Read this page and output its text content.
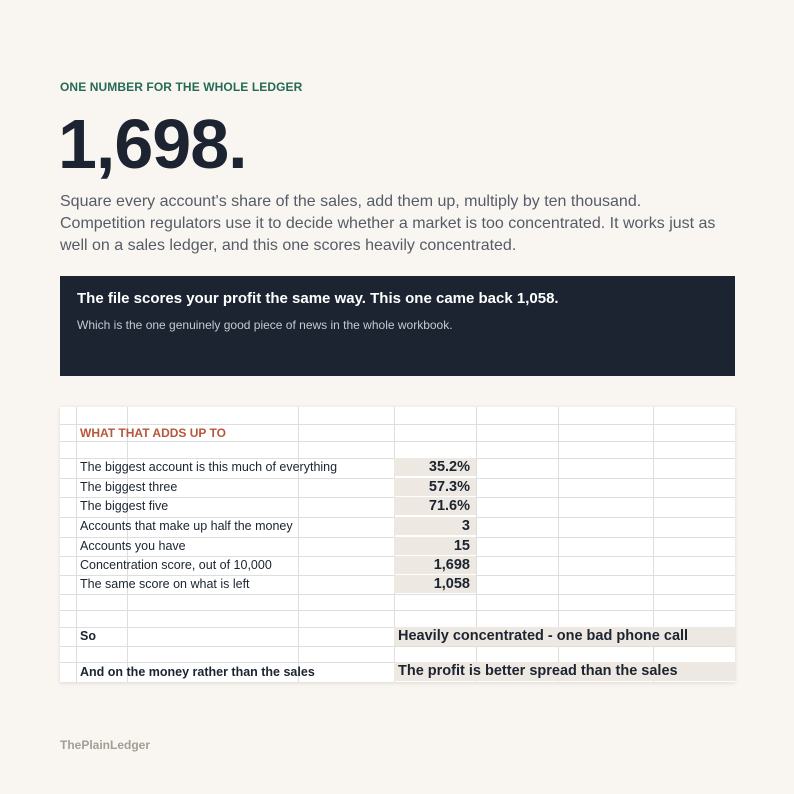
ONE NUMBER FOR THE WHOLE LEDGER
1,698.
Square every account's share of the sales, add them up, multiply by ten thousand. Competition regulators use it to decide whether a market is too concentrated. It works just as well on a sales ledger, and this one scores heavily concentrated.
The file scores your profit the same way. This one came back 1,058.
Which is the one genuinely good piece of news in the whole workbook.
WHAT THAT ADDS UP TO
The biggest account is this much of everything	35.2%
The biggest three	57.3%
The biggest five	71.6%
Accounts that make up half the money	3
Accounts you have	15
Concentration score, out of 10,000	1,698
The same score on what is left	1,058
So	Heavily concentrated - one bad phone call
And on the money rather than the sales	The profit is better spread than the sales
ThePlainLedger
